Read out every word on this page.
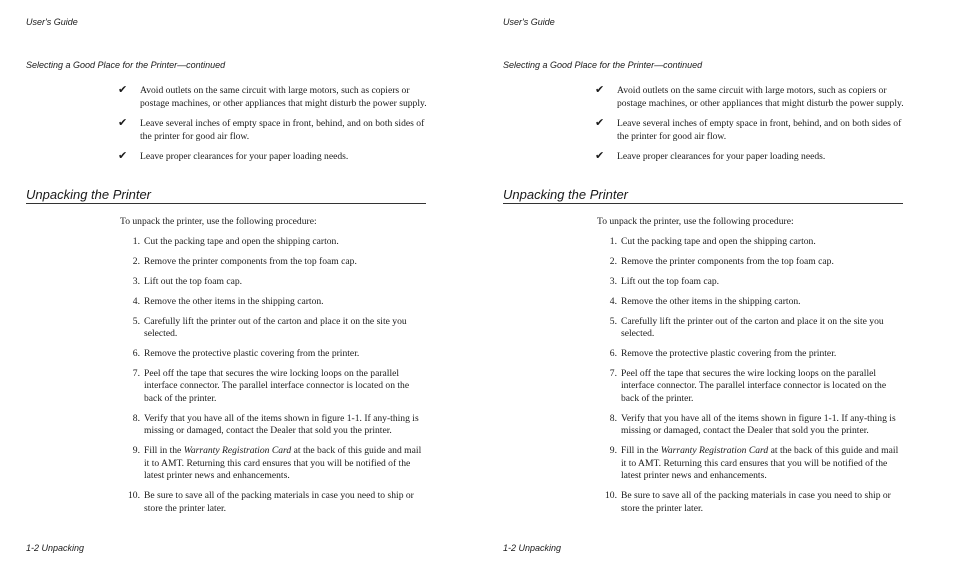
User's Guide
Selecting a Good Place for the Printer—continued
✔ Avoid outlets on the same circuit with large motors, such as copiers or postage machines, or other appliances that might disturb the power supply.
✔ Leave several inches of empty space in front, behind, and on both sides of the printer for good air flow.
✔ Leave proper clearances for your paper loading needs.
Unpacking the Printer
To unpack the printer, use the following procedure:
1. Cut the packing tape and open the shipping carton.
2. Remove the printer components from the top foam cap.
3. Lift out the top foam cap.
4. Remove the other items in the shipping carton.
5. Carefully lift the printer out of the carton and place it on the site you selected.
6. Remove the protective plastic covering from the printer.
7. Peel off the tape that secures the wire locking loops on the parallel interface connector. The parallel interface connector is located on the back of the printer.
8. Verify that you have all of the items shown in figure 1-1. If any-thing is missing or damaged, contact the Dealer that sold you the printer.
9. Fill in the Warranty Registration Card at the back of this guide and mail it to AMT. Returning this card ensures that you will be notified of the latest printer news and enhancements.
10. Be sure to save all of the packing materials in case you need to ship or store the printer later.
1-2 Unpacking
User's Guide
Selecting a Good Place for the Printer—continued
✔ Avoid outlets on the same circuit with large motors, such as copiers or postage machines, or other appliances that might disturb the power supply.
✔ Leave several inches of empty space in front, behind, and on both sides of the printer for good air flow.
✔ Leave proper clearances for your paper loading needs.
Unpacking the Printer
To unpack the printer, use the following procedure:
1. Cut the packing tape and open the shipping carton.
2. Remove the printer components from the top foam cap.
3. Lift out the top foam cap.
4. Remove the other items in the shipping carton.
5. Carefully lift the printer out of the carton and place it on the site you selected.
6. Remove the protective plastic covering from the printer.
7. Peel off the tape that secures the wire locking loops on the parallel interface connector. The parallel interface connector is located on the back of the printer.
8. Verify that you have all of the items shown in figure 1-1. If any-thing is missing or damaged, contact the Dealer that sold you the printer.
9. Fill in the Warranty Registration Card at the back of this guide and mail it to AMT. Returning this card ensures that you will be notified of the latest printer news and enhancements.
10. Be sure to save all of the packing materials in case you need to ship or store the printer later.
1-2 Unpacking
